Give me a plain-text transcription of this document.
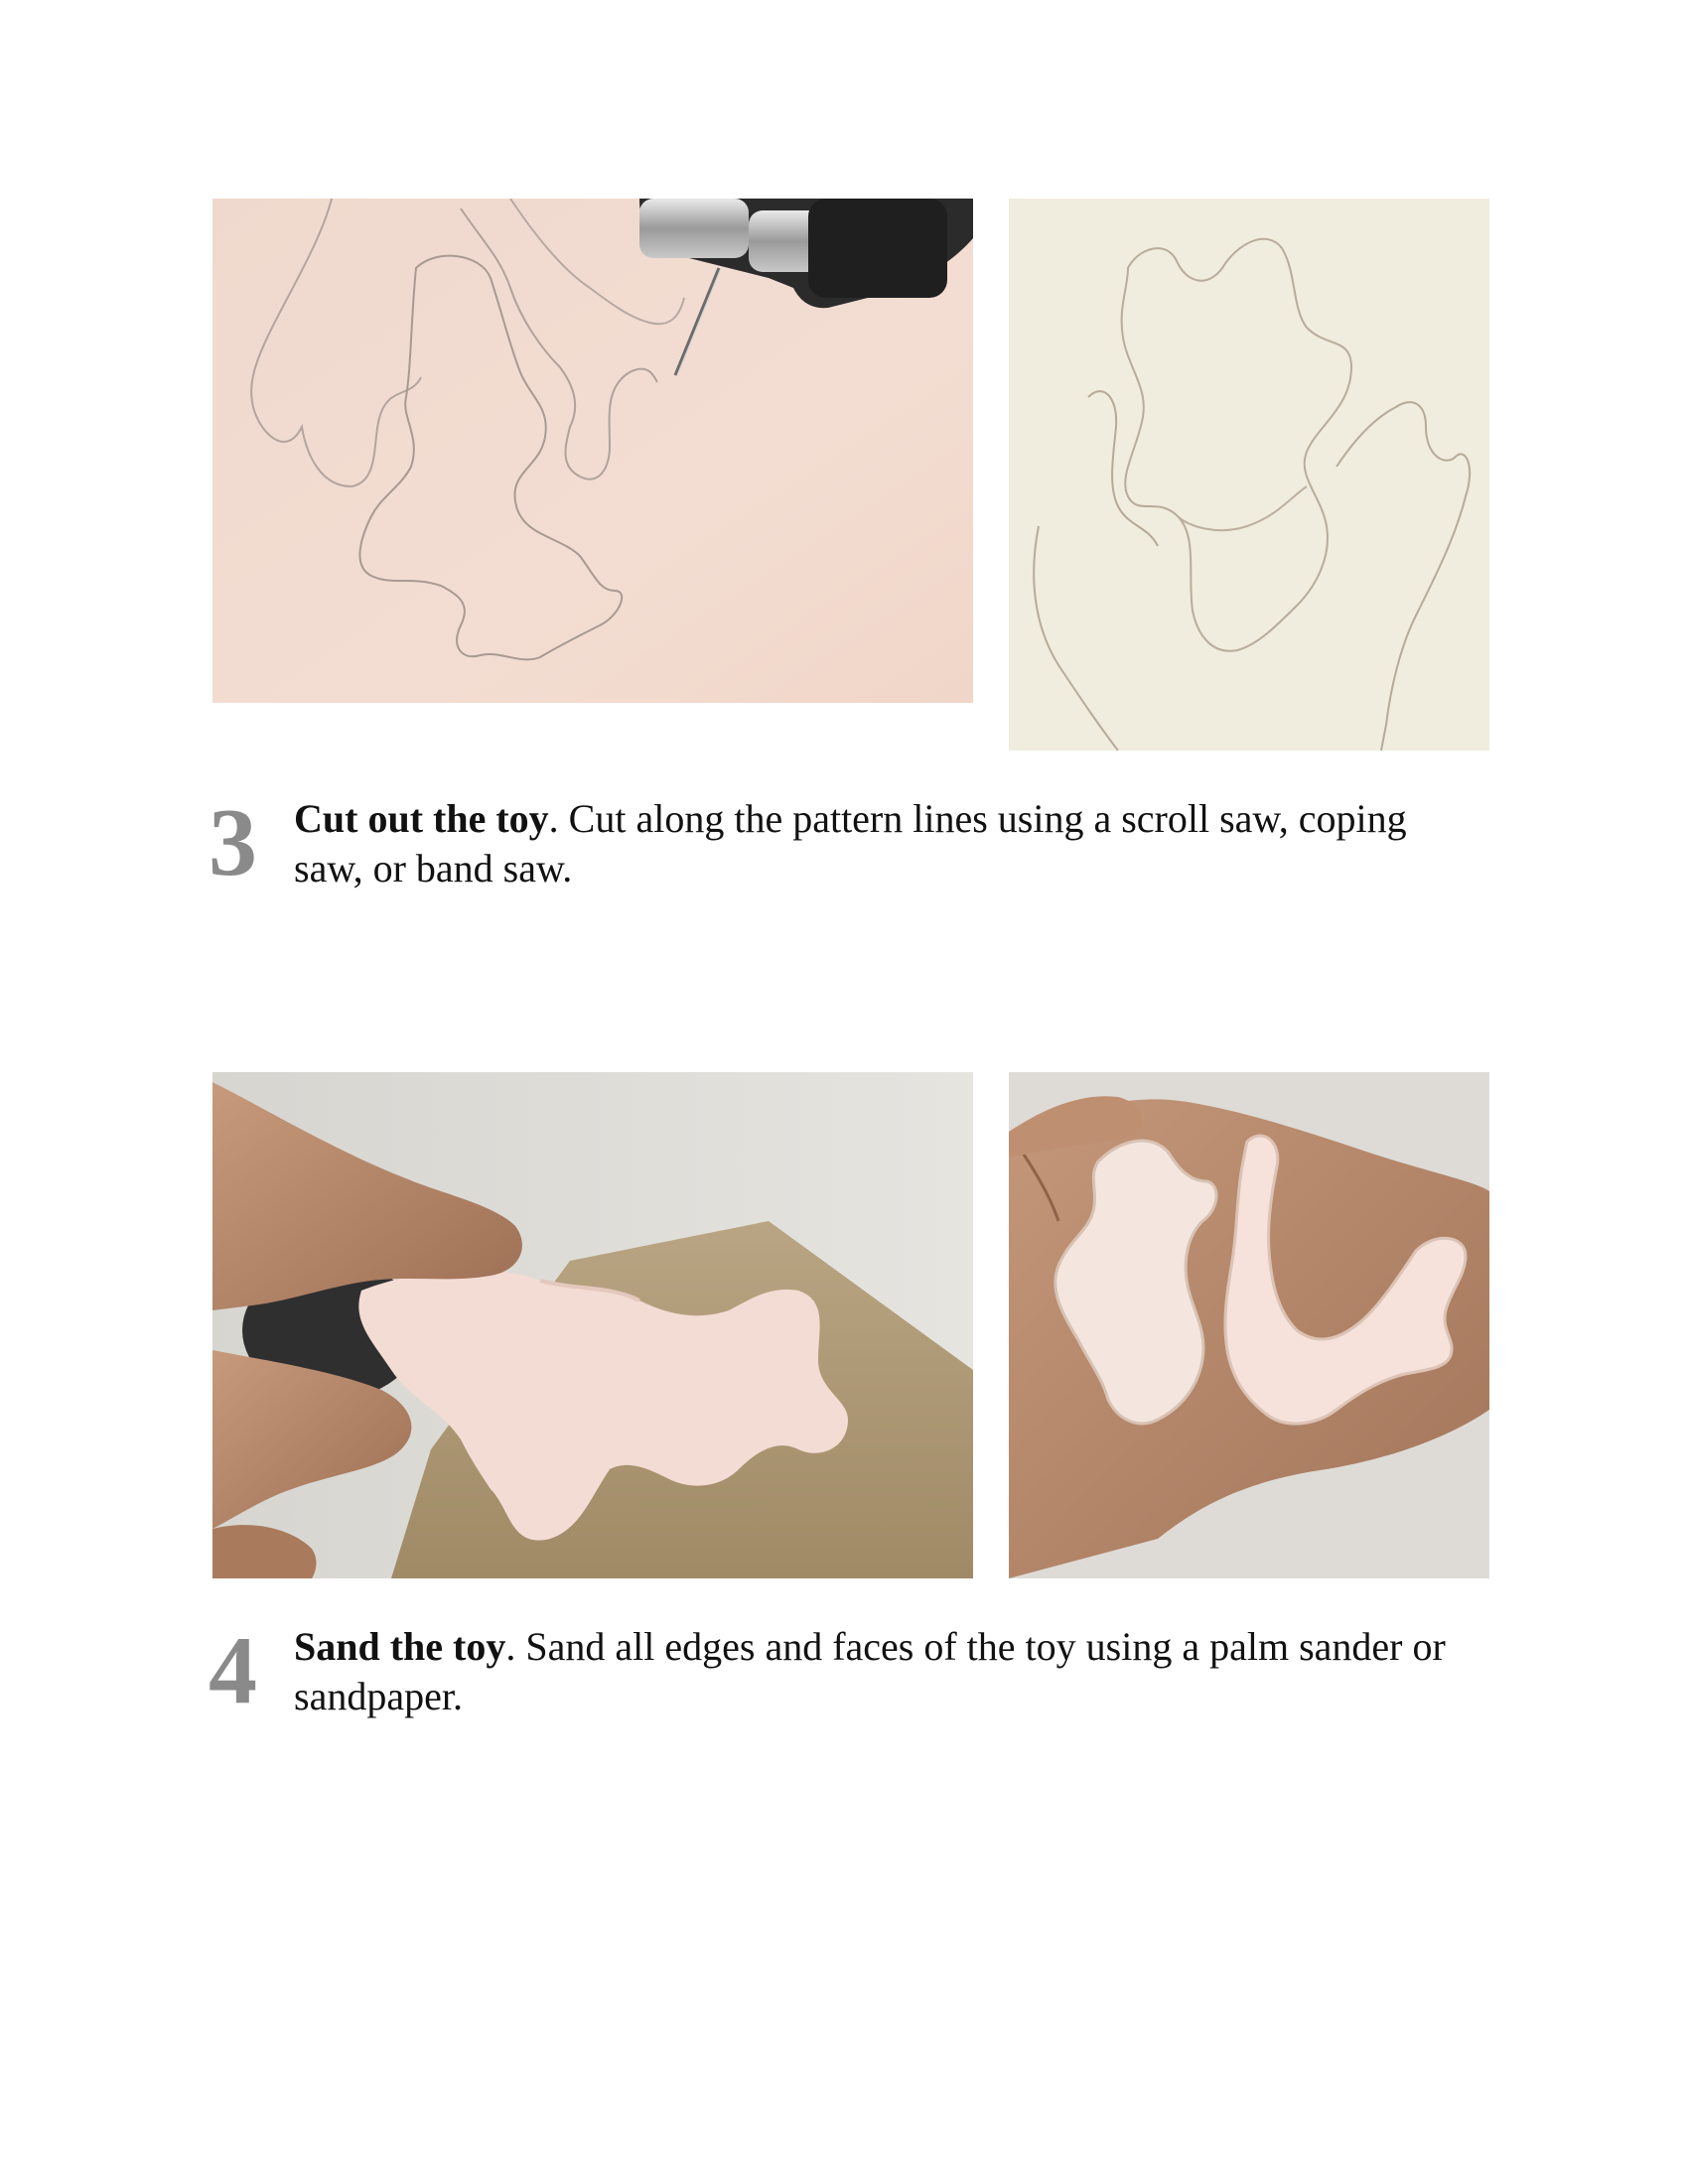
3 Cut out the toy. Cut along the pattern lines using a scroll saw, coping saw, or band saw.
4 Sand the toy. Sand all edges and faces of the toy using a palm sander or sandpaper.
